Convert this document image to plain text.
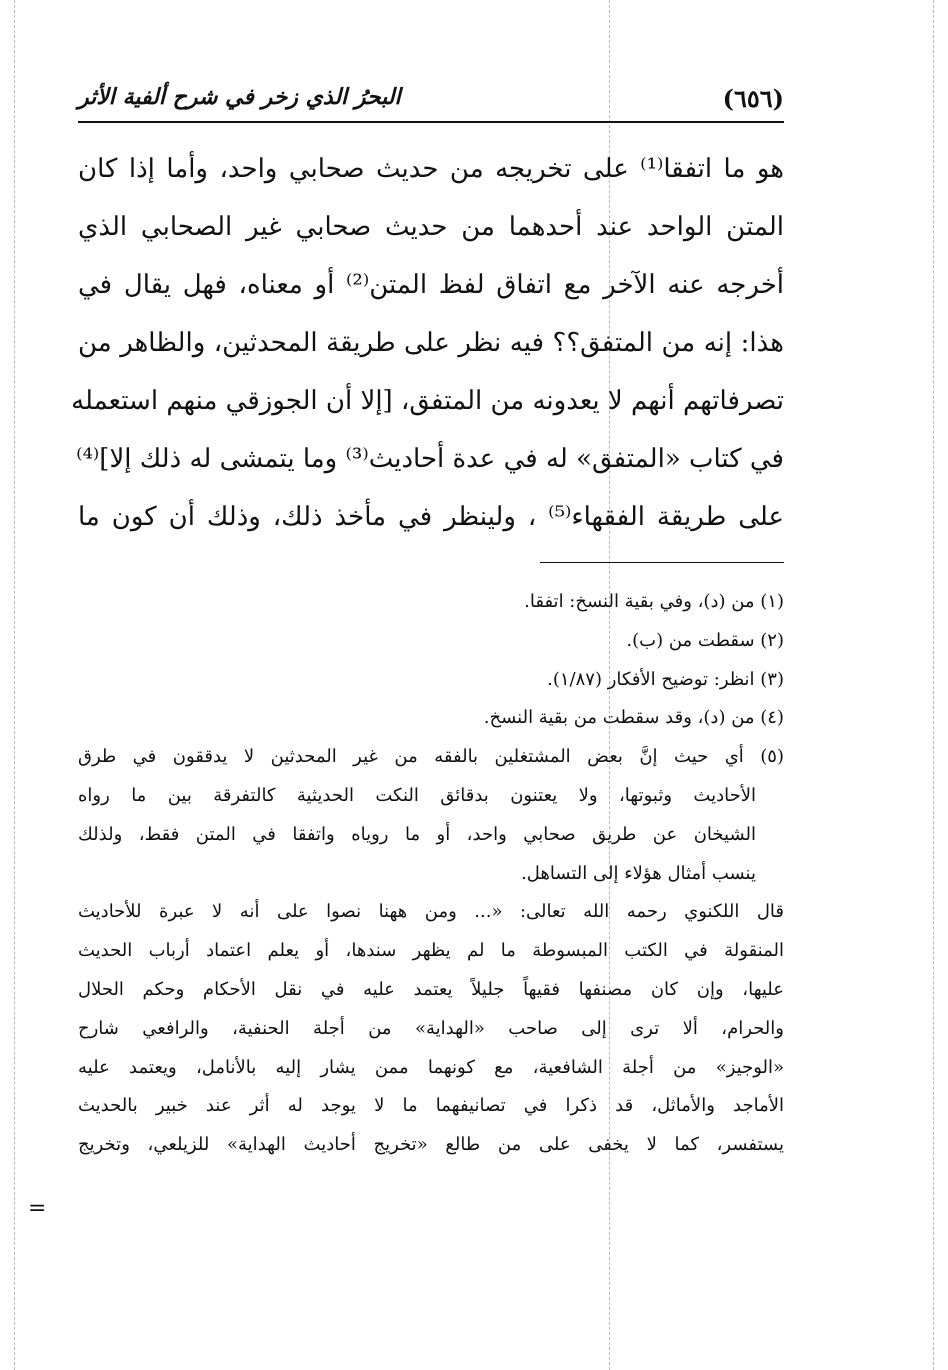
(٦٥٦)
البحرُ الذي زخر في شرح ألفية الأثر
هو ما اتفقا⁽¹⁾ على تخريجه من حديث صحابي واحد، وأما إذا كان
المتن الواحد عند أحدهما من حديث صحابي غير الصحابي الذي
أخرجه عنه الآخر مع اتفاق لفظ المتن⁽²⁾ أو معناه، فهل يقال في
هذا: إنه من المتفق؟؟ فيه نظر على طريقة المحدثين، والظاهر من
تصرفاتهم أنهم لا يعدونه من المتفق، [إلا أن الجوزقي منهم استعمله
في كتاب «المتفق» له في عدة أحاديث⁽³⁾ وما يتمشى له ذلك إلا]⁽⁴⁾
على طريقة الفقهاء⁽⁵⁾ ، ولينظر في مأخذ ذلك، وذلك أن كون ما
(١) من (د)، وفي بقية النسخ: اتفقا.
(٢) سقطت من (ب).
(٣) انظر: توضيح الأفكار (١/٨٧).
(٤) من (د)، وقد سقطت من بقية النسخ.
(٥) أي حيث إنَّ بعض المشتغلين بالفقه من غير المحدثين لا يدققون في طرق
الأحاديث وثبوتها، ولا يعتنون بدقائق النكت الحديثية كالتفرقة بين ما رواه
الشيخان عن طريق صحابي واحد، أو ما روياه واتفقا في المتن فقط، ولذلك
ينسب أمثال هؤلاء إلى التساهل.
قال اللكنوي رحمه الله تعالى: «... ومن ههنا نصوا على أنه لا عبرة للأحاديث
المنقولة في الكتب المبسوطة ما لم يظهر سندها، أو يعلم اعتماد أرباب الحديث
عليها، وإن كان مصنفها فقيهاً جليلاً يعتمد عليه في نقل الأحكام وحكم الحلال
والحرام، ألا ترى إلى صاحب «الهداية» من أجلة الحنفية، والرافعي شارح
«الوجيز» من أجلة الشافعية، مع كونهما ممن يشار إليه بالأنامل، ويعتمد عليه
الأماجد والأماثل، قد ذكرا في تصانيفهما ما لا يوجد له أثر عند خبير بالحديث
يستفسر، كما لا يخفى على من طالع «تخريج أحاديث الهداية» للزيلعي، وتخريج
=
